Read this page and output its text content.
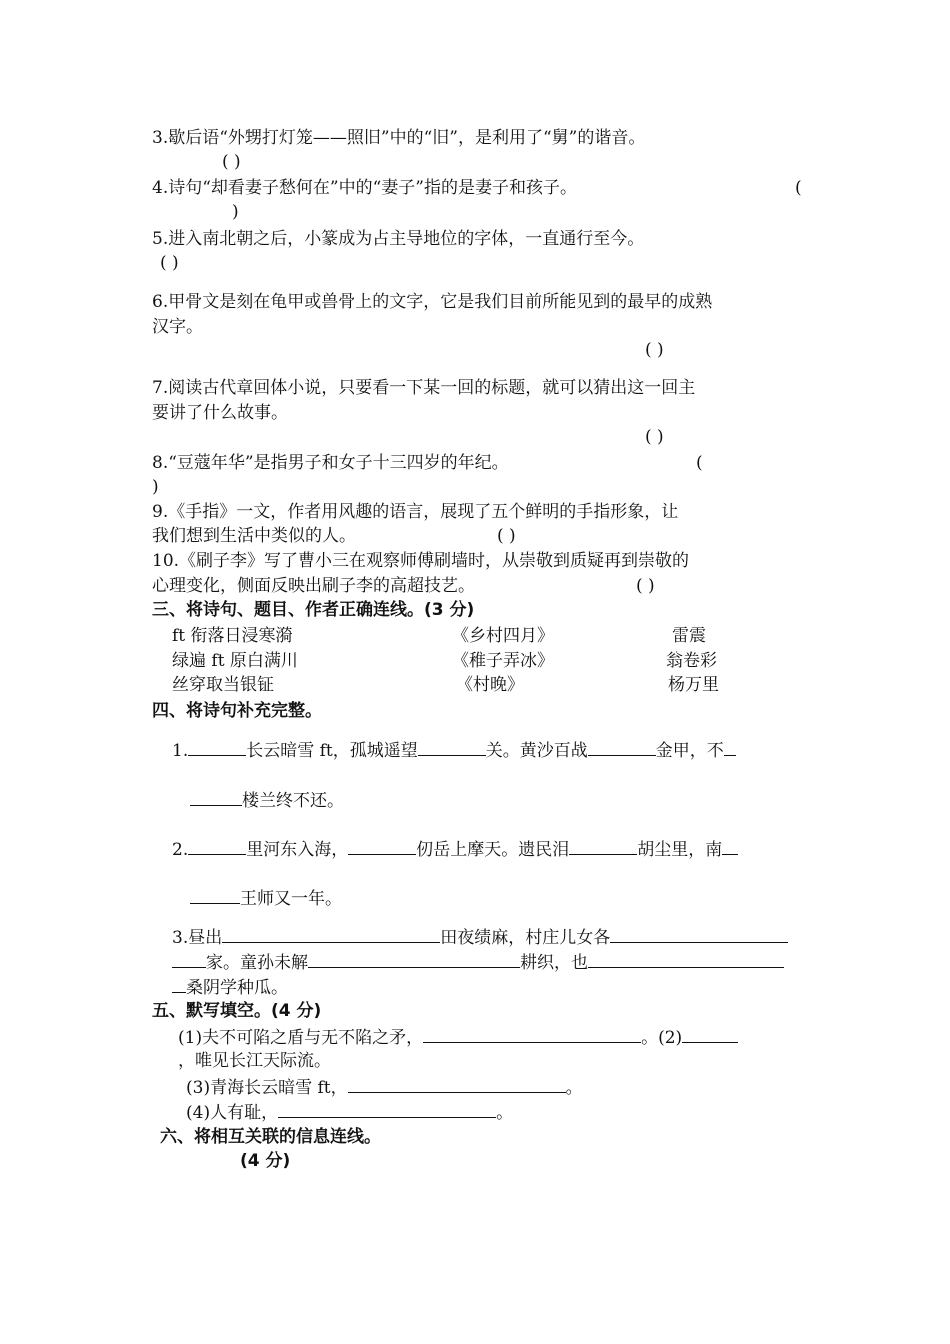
3.歇后语“外甥打灯笼——照旧”中的“旧”，是利用了“舅”的谐音。
( )
4.诗句“却看妻子愁何在”中的“妻子”指的是妻子和孩子。	(
)
5.进入南北朝之后，小篆成为占主导地位的字体，一直通行至今。
( )
6.甲骨文是刻在龟甲或兽骨上的文字，它是我们目前所能见到的最早的成熟
汉字。
( )
7.阅读古代章回体小说，只要看一下某一回的标题，就可以猜出这一回主
要讲了什么故事。
( )
8.“豆蔻年华”是指男子和女子十三四岁的年纪。	(
)
9.《手指》一文，作者用风趣的语言，展现了五个鲜明的手指形象，让
我们想到生活中类似的人。	( )
10.《刷子李》写了曹小三在观察师傅刷墙时，从崇敬到质疑再到崇敬的
心理变化，侧面反映出刷子李的高超技艺。	( )
三、将诗句、题目、作者正确连线。(3 分)
ft 衔落日浸寒漪	《乡村四月》	雷震
绿遍 ft 原白满川	《稚子弄冰》	翁卷彩
丝穿取当银钲	《村晚》	杨万里
四、将诗句补充完整。
1.	长云暗雪 ft，孤城遥望	关。黄沙百战	金甲，不
楼兰终不还。
2.	里河东入海，	仞岳上摩天。遗民泪	胡尘里，南
王师又一年。
3.昼出	田夜绩麻，村庄儿女各
家。童孙未解	耕织，也
桑阴学种瓜。
五、默写填空。(4 分)
(1)夫不可陷之盾与无不陷之矛，	。(2)
，唯见长江天际流。
(3)青海长云暗雪 ft，	。
(4)人有耻，	。
六、将相互关联的信息连线。
(4 分)
